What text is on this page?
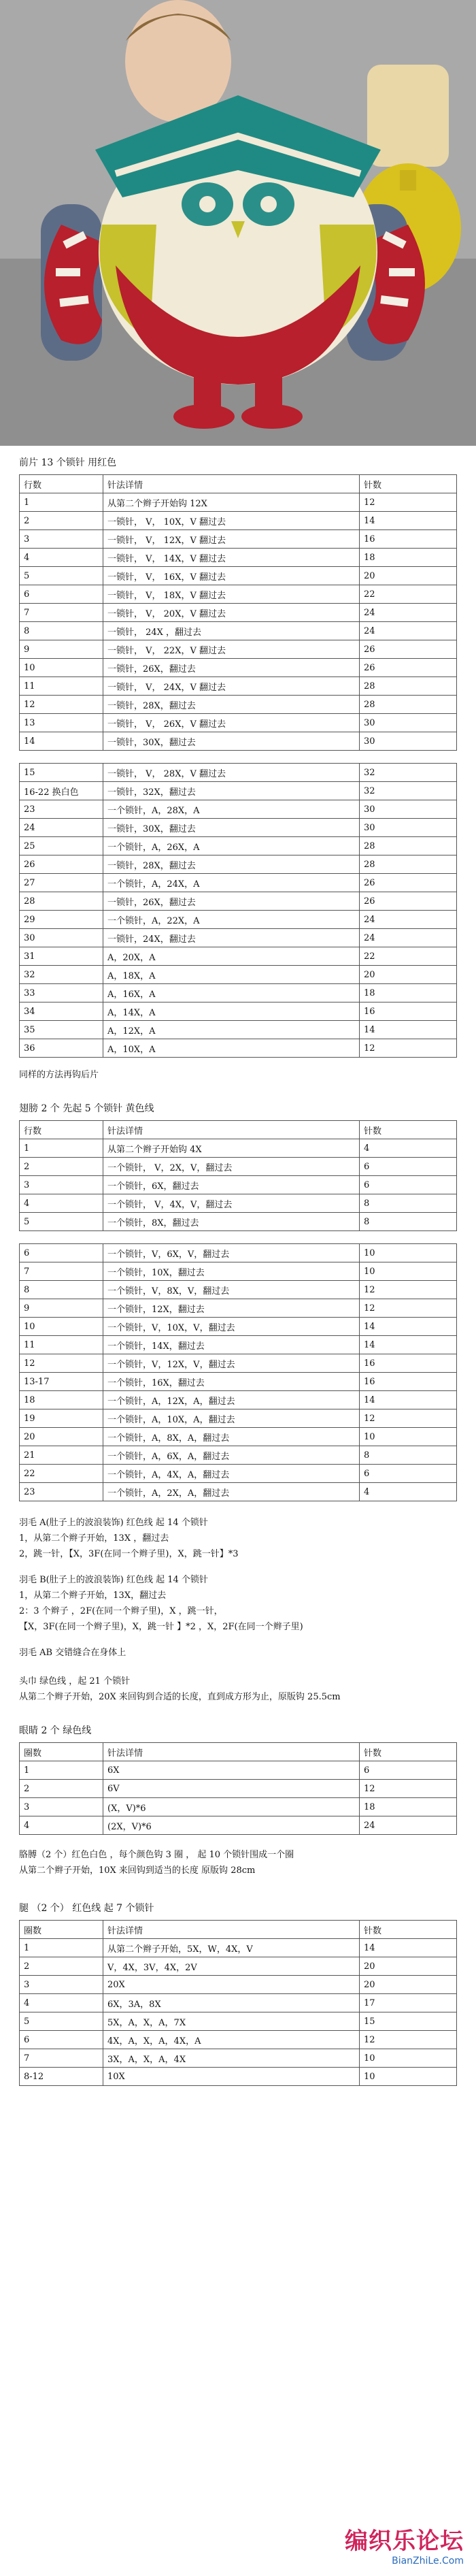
前片 13 个锁针 用红色
行数	针法详情	针数
1	从第二个辫子开始钩 12X	12
2	一锁针， V， 10X，V 翻过去	14
3	一锁针， V， 12X，V 翻过去	16
4	一锁针， V， 14X，V 翻过去	18
5	一锁针， V， 16X，V 翻过去	20
6	一锁针， V， 18X，V 翻过去	22
7	一锁针， V， 20X，V 翻过去	24
8	一锁针， 24X ，翻过去	24
9	一锁针， V， 22X，V 翻过去	26
10	一锁针，26X，翻过去	26
11	一锁针， V， 24X，V 翻过去	28
12	一锁针，28X，翻过去	28
13	一锁针， V， 26X，V 翻过去	30
14	一锁针，30X，翻过去	30
15	一锁针， V， 28X，V 翻过去	32
16-22 换白色	一锁针，32X，翻过去	32
23	一个锁针，A，28X，A	30
24	一锁针，30X，翻过去	30
25	一个锁针，A，26X，A	28
26	一锁针，28X，翻过去	28
27	一个锁针，A，24X，A	26
28	一锁针，26X，翻过去	26
29	一个锁针，A，22X，A	24
30	一锁针，24X，翻过去	24
31	A，20X，A	22
32	A，18X，A	20
33	A，16X，A	18
34	A，14X，A	16
35	A，12X，A	14
36	A，10X，A	12
同样的方法再钩后片
翅膀 2 个 先起 5 个锁针 黄色线
行数	针法详情	针数
1	从第二个辫子开始钩 4X	4
2	一个锁针， V，2X，V，翻过去	6
3	一个锁针，6X，翻过去	6
4	一个锁针， V，4X，V，翻过去	8
5	一个锁针，8X，翻过去	8
6	一个锁针，V，6X，V，翻过去	10
7	一个锁针，10X，翻过去	10
8	一个锁针，V，8X，V，翻过去	12
9	一个锁针，12X，翻过去	12
10	一个锁针，V，10X，V，翻过去	14
11	一个锁针，14X，翻过去	14
12	一个锁针，V，12X，V，翻过去	16
13-17	一个锁针，16X，翻过去	16
18	一个锁针，A，12X，A，翻过去	14
19	一个锁针，A，10X，A，翻过去	12
20	一个锁针，A，8X，A，翻过去	10
21	一个锁针，A，6X，A，翻过去	8
22	一个锁针，A，4X，A，翻过去	6
23	一个锁针，A，2X，A，翻过去	4
羽毛 A(肚子上的波浪装饰) 红色线 起 14 个锁针
1，从第二个辫子开始，13X ，翻过去
2，跳一针，【X，3F(在同一个辫子里)，X，跳一针】*3
羽毛 B(肚子上的波浪装饰) 红色线 起 14 个锁针
1，从第二个辫子开始，13X，翻过去
2：3 个辫子 ，2F(在同一个辫子里)，X ，跳一针，
【X，3F(在同一个辫子里)，X，跳一针 】*2 ，X，2F(在同一个辫子里)
羽毛 AB 交错缝合在身体上
头巾 绿色线 ，起 21 个锁针
从第二个辫子开始，20X 来回钩到合适的长度，直到成方形为止，原版钩 25.5cm
眼睛 2 个 绿色线
圈数	针法详情	针数
1	6X	6
2	6V	12
3	(X，V)*6	18
4	(2X，V)*6	24
胳膊（2 个）红色白色 ，每个颜色钩 3 圈 ， 起 10 个锁针围成一个圈
从第二个辫子开始，10X 来回钩到适当的长度 原版钩 28cm
腿 （2 个） 红色线 起 7 个锁针
圈数	针法详情	针数
1	从第二个辫子开始，5X，W，4X，V	14
2	V，4X，3V，4X，2V	20
3	20X	20
4	6X，3A，8X	17
5	5X，A，X，A，7X	15
6	4X，A，X，A，4X，A	12
7	3X，A，X，A，4X	10
8-12	10X	10
编织乐论坛
BianZhiLe.Com
